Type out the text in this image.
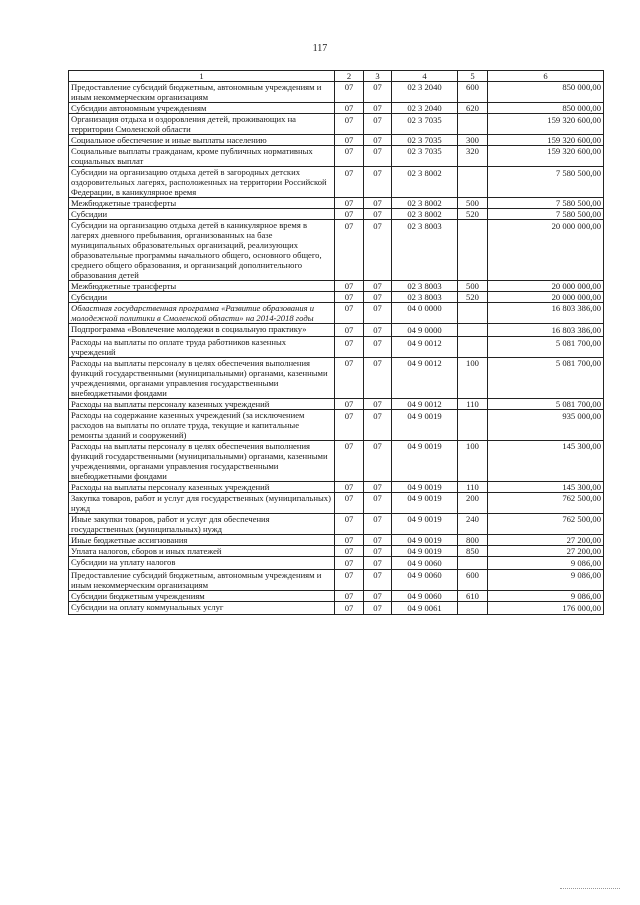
117
1	2	3	4	5	6
Предоставление субсидий бюджетным, автономным учреждениям и иным некоммерческим организациям	07	07	02 3 2040	600	850 000,00
Субсидии автономным учреждениям	07	07	02 3 2040	620	850 000,00
Организация отдыха и оздоровления детей, проживающих на территории Смоленской области	07	07	02 3 7035		159 320 600,00
Социальное обеспечение и иные выплаты населению	07	07	02 3 7035	300	159 320 600,00
Социальные выплаты гражданам, кроме публичных нормативных социальных выплат	07	07	02 3 7035	320	159 320 600,00
Субсидии на организацию отдыха детей в загородных детских оздоровительных лагерях, расположенных на территории Российской Федерации, в каникулярное время	07	07	02 3 8002		7 580 500,00
Межбюджетные трансферты	07	07	02 3 8002	500	7 580 500,00
Субсидии	07	07	02 3 8002	520	7 580 500,00
Субсидии на организацию отдыха детей в каникулярное время в лагерях дневного пребывания, организованных на базе муниципальных образовательных организаций, реализующих образовательные программы начального общего, основного общего, среднего общего образования, и организаций дополнительного образования детей	07	07	02 3 8003		20 000 000,00
Межбюджетные трансферты	07	07	02 3 8003	500	20 000 000,00
Субсидии	07	07	02 3 8003	520	20 000 000,00
Областная государственная программа «Развитие образования и молодежной политики в Смоленской области» на 2014-2018 годы	07	07	04 0 0000		16 803 386,00
Подпрограмма «Вовлечение молодежи в социальную практику»	07	07	04 9 0000		16 803 386,00
Расходы на выплаты по оплате труда работников казенных учреждений	07	07	04 9 0012		5 081 700,00
Расходы на выплаты персоналу в целях обеспечения выполнения функций государственными (муниципальными) органами, казенными учреждениями, органами управления государственными внебюджетными фондами	07	07	04 9 0012	100	5 081 700,00
Расходы на выплаты персоналу казенных учреждений	07	07	04 9 0012	110	5 081 700,00
Расходы на содержание казенных учреждений (за исключением расходов на выплаты по оплате труда, текущие и капитальные ремонты зданий и сооружений)	07	07	04 9 0019		935 000,00
Расходы на выплаты персоналу в целях обеспечения выполнения функций государственными (муниципальными) органами, казенными учреждениями, органами управления государственными внебюджетными фондами	07	07	04 9 0019	100	145 300,00
Расходы на выплаты персоналу казенных учреждений	07	07	04 9 0019	110	145 300,00
Закупка товаров, работ и услуг для государственных (муниципальных) нужд	07	07	04 9 0019	200	762 500,00
Иные закупки товаров, работ и услуг для обеспечения государственных (муниципальных) нужд	07	07	04 9 0019	240	762 500,00
Иные бюджетные ассигнования	07	07	04 9 0019	800	27 200,00
Уплата налогов, сборов и иных платежей	07	07	04 9 0019	850	27 200,00
Субсидии на уплату налогов	07	07	04 9 0060		9 086,00
Предоставление субсидий бюджетным, автономным учреждениям и иным некоммерческим организациям	07	07	04 9 0060	600	9 086,00
Субсидии бюджетным учреждениям	07	07	04 9 0060	610	9 086,00
Субсидии на оплату коммунальных услуг	07	07	04 9 0061		176 000,00
